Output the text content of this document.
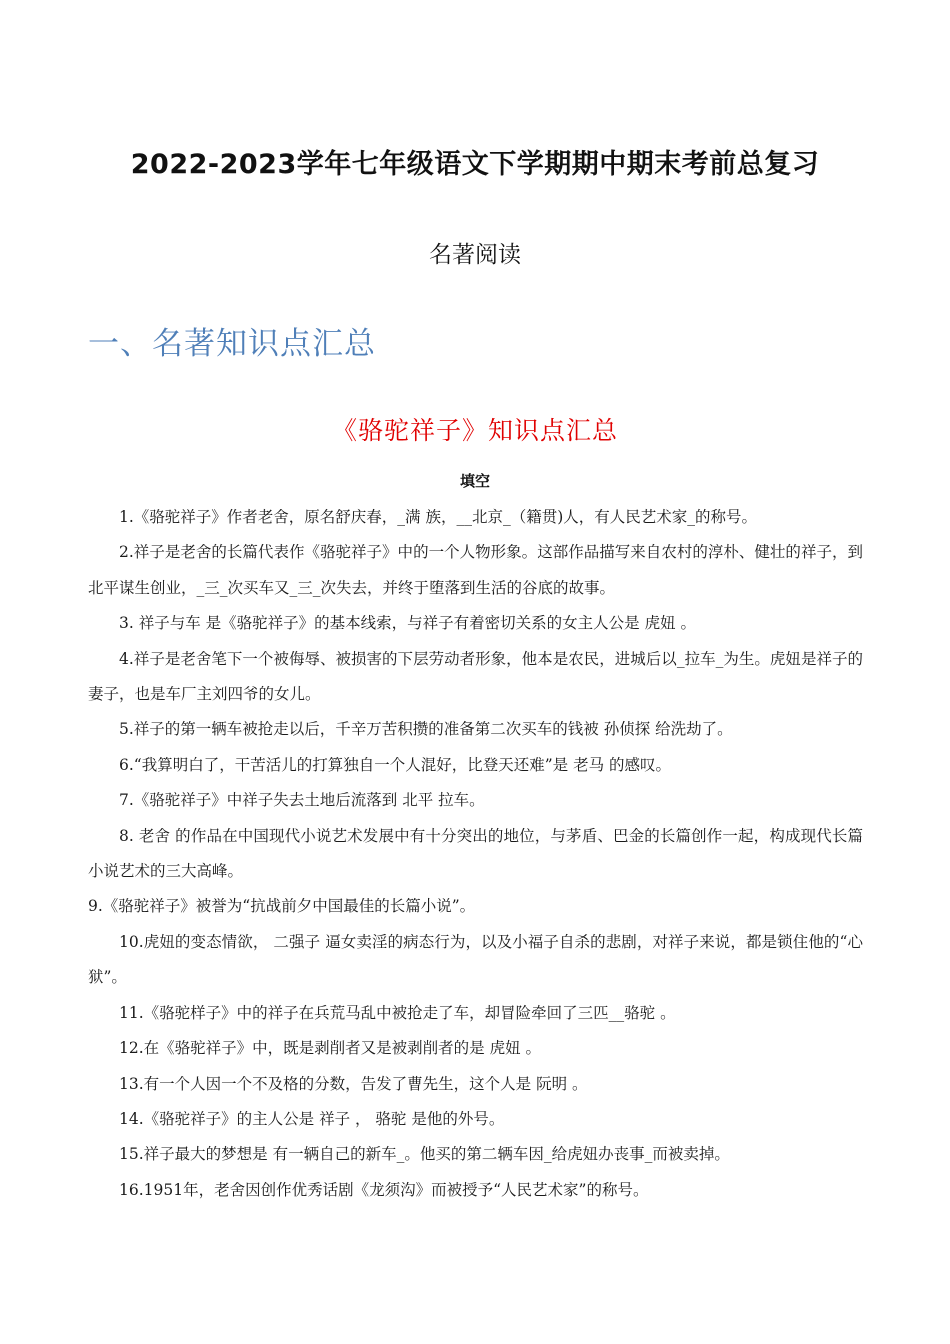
2022-2023学年七年级语文下学期期中期末考前总复习
名著阅读
一、名著知识点汇总
《骆驼祥子》知识点汇总
填空

1.《骆驼祥子》作者老舍，原名舒庆春，_满 族，__北京_（籍贯)人，有人民艺术家_的称号。

2.祥子是老舍的长篇代表作《骆驼祥子》中的一个人物形象。这部作品描写来自农村的淳朴、健壮的祥子，到北平谋生创业，_三_次买车又_三_次失去，并终于堕落到生活的谷底的故事。

3. 祥子与车 是《骆驼祥子》的基本线索，与祥子有着密切关系的女主人公是 虎妞 。

4.祥子是老舍笔下一个被侮辱、被损害的下层劳动者形象，他本是农民，进城后以_拉车_为生。虎妞是祥子的妻子，也是车厂主刘四爷的女儿。

5.祥子的第一辆车被抢走以后，千辛万苦积攒的准备第二次买车的钱被 孙侦探 给洗劫了。

6.“我算明白了，干苦活儿的打算独自一个人混好，比登天还难”是 老马 的感叹。

7.《骆驼祥子》中祥子失去土地后流落到 北平 拉车。

8. 老舍 的作品在中国现代小说艺术发展中有十分突出的地位，与茅盾、巴金的长篇创作一起，构成现代长篇小说艺术的三大高峰。

9.《骆驼祥子》被誉为“抗战前夕中国最佳的长篇小说”。

10.虎妞的变态情欲， 二强子 逼女卖淫的病态行为，以及小福子自杀的悲剧，对祥子来说，都是锁住他的“心狱”。

11.《骆驼样子》中的祥子在兵荒马乱中被抢走了车，却冒险牵回了三匹__骆驼 。

12.在《骆驼祥子》中，既是剥削者又是被剥削者的是 虎妞 。

13.有一个人因一个不及格的分数，告发了曹先生，这个人是 阮明 。

14.《骆驼祥子》的主人公是 祥子 ， 骆驼 是他的外号。

15.祥子最大的梦想是 有一辆自己的新车_。他买的第二辆车因_给虎妞办丧事_而被卖掉。

16.1951年，老舍因创作优秀话剧《龙须沟》而被授予“人民艺术家”的称号。
